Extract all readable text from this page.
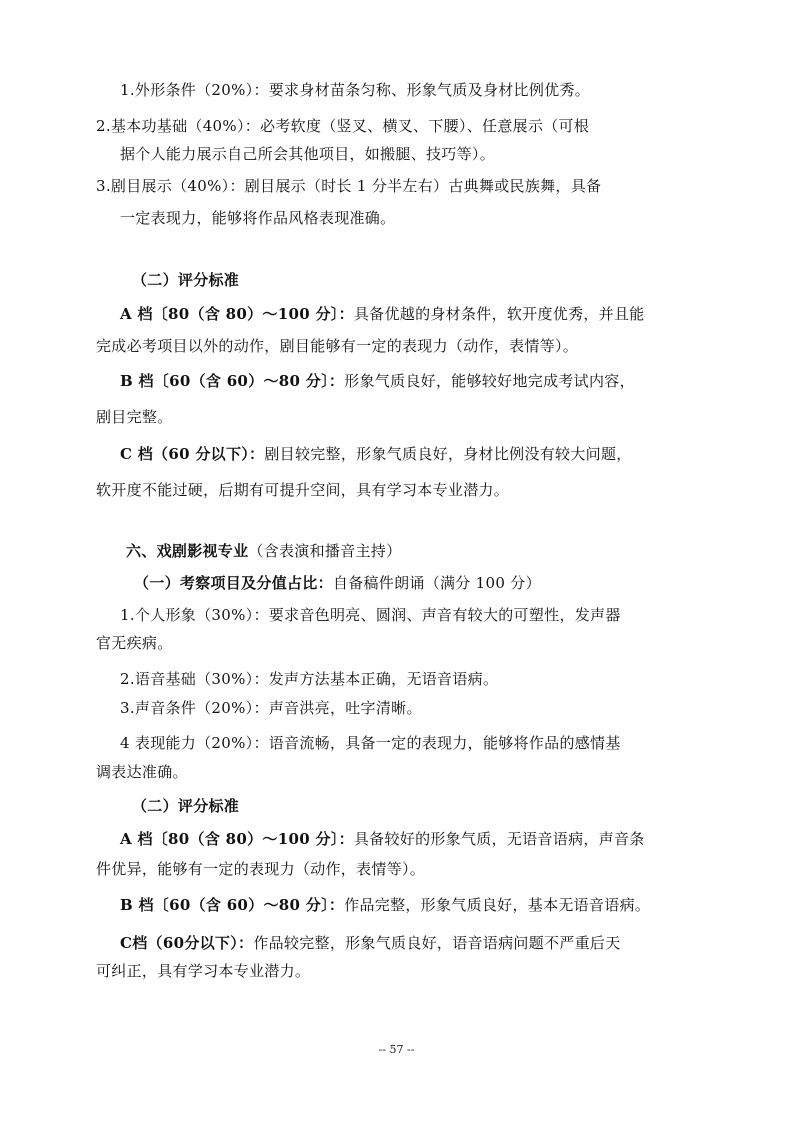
1.外形条件（20%）：要求身材苗条匀称、形象气质及身材比例优秀。
2.基本功基础（40%）：必考软度（竖叉、横叉、下腰）、任意展示（可根
据个人能力展示自己所会其他项目，如搬腿、技巧等）。
3.剧目展示（40%）：剧目展示（时长 1 分半左右）古典舞或民族舞，具备
一定表现力，能够将作品风格表现准确。
（二）评分标准
A 档〔80（含 80）～100 分〕：具备优越的身材条件，软开度优秀，并且能
完成必考项目以外的动作，剧目能够有一定的表现力（动作，表情等）。
B 档〔60（含 60）～80 分〕：形象气质良好，能够较好地完成考试内容，
剧目完整。
C 档（60 分以下）：剧目较完整，形象气质良好，身材比例没有较大问题，
软开度不能过硬，后期有可提升空间，具有学习本专业潜力。
六、戏剧影视专业（含表演和播音主持）
（一）考察项目及分值占比：自备稿件朗诵（满分 100 分）
1.个人形象（30%）：要求音色明亮、圆润、声音有较大的可塑性，发声器
官无疾病。
2.语音基础（30%）：发声方法基本正确，无语音语病。
3.声音条件（20%）：声音洪亮，吐字清晰。
4 表现能力（20%）：语音流畅，具备一定的表现力，能够将作品的感情基
调表达准确。
（二）评分标准
A 档〔80（含 80）～100 分〕：具备较好的形象气质，无语音语病，声音条
件优异，能够有一定的表现力（动作，表情等）。
B 档〔60（含 60）～80 分〕：作品完整，形象气质良好，基本无语音语病。
C档（60分以下）：作品较完整，形象气质良好，语音语病问题不严重后天
可纠正，具有学习本专业潜力。
-- 57 --
